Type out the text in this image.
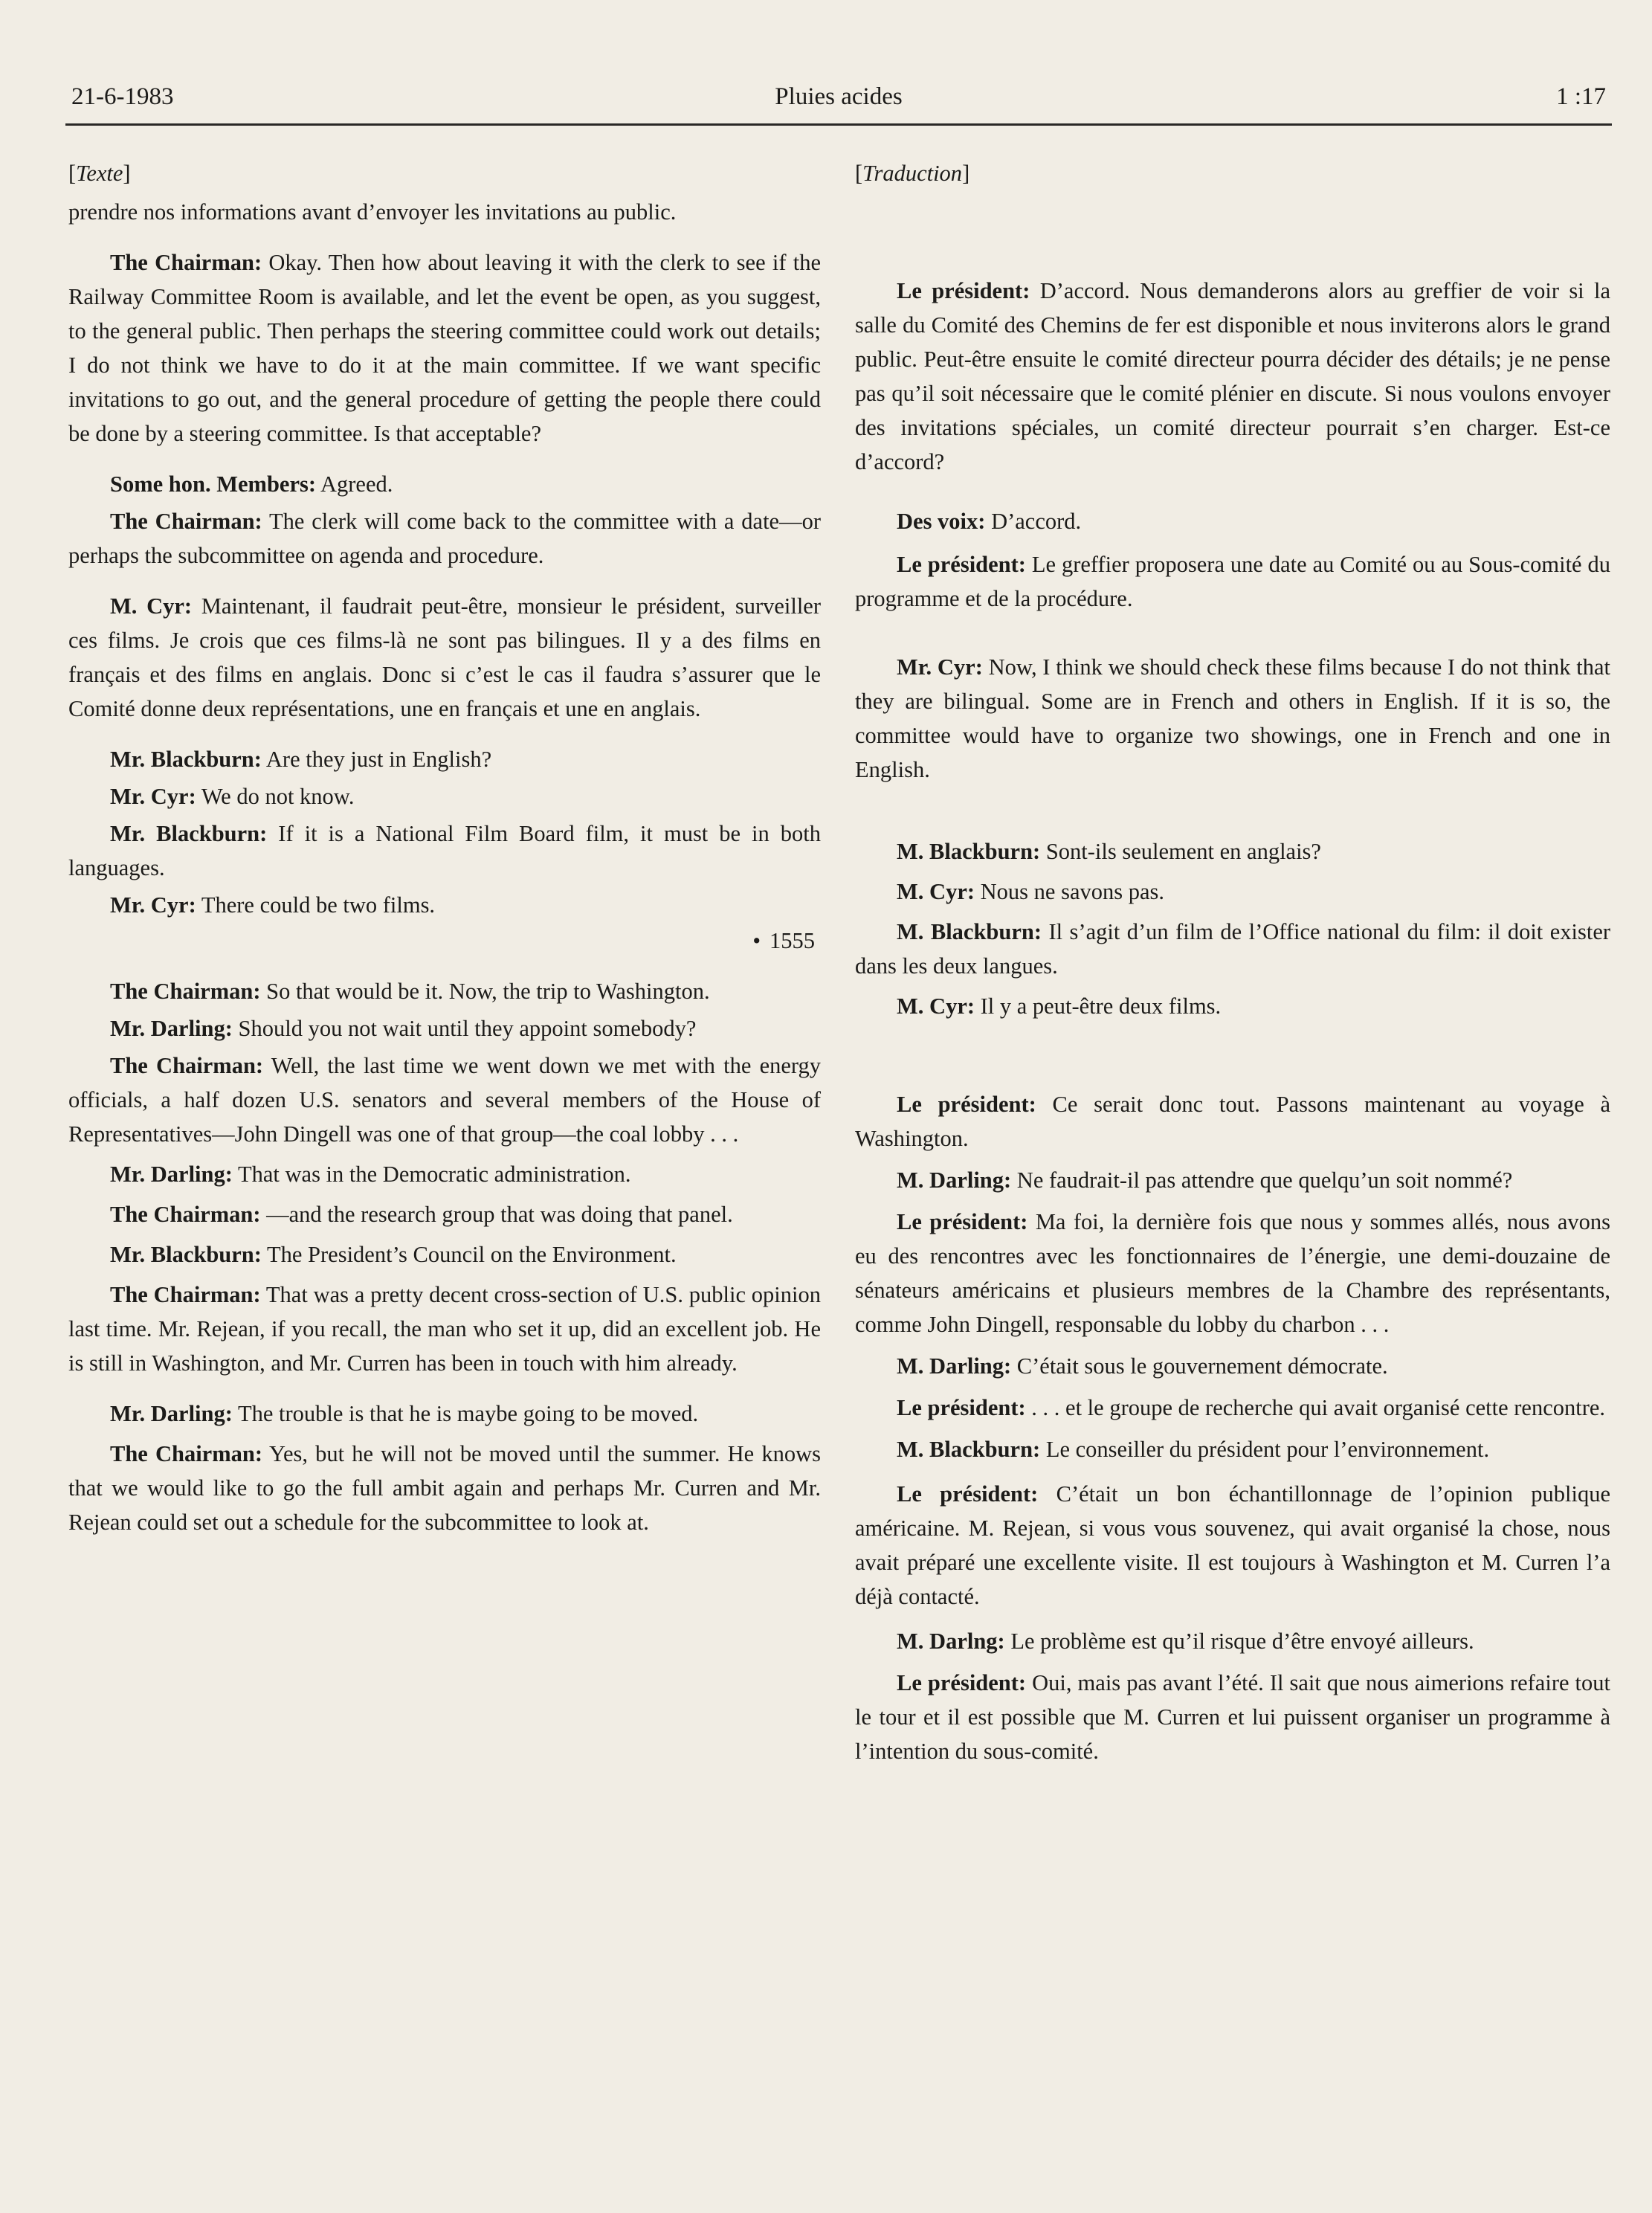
21-6-1983	Pluies acides	1 :17
[Texte]

prendre nos informations avant d’envoyer les invitations au public.

The Chairman: Okay. Then how about leaving it with the clerk to see if the Railway Committee Room is available, and let the event be open, as you suggest, to the general public. Then perhaps the steering committee could work out details; I do not think we have to do it at the main committee. If we want specific invitations to go out, and the general procedure of getting the people there could be done by a steering committee. Is that acceptable?

Some hon. Members: Agreed.

The Chairman: The clerk will come back to the committee with a date—or perhaps the subcommittee on agenda and procedure.

M. Cyr: Maintenant, il faudrait peut-être, monsieur le président, surveiller ces films. Je crois que ces films-là ne sont pas bilingues. Il y a des films en français et des films en anglais. Donc si c’est le cas il faudra s’assurer que le Comité donne deux représentations, une en français et une en anglais.

Mr. Blackburn: Are they just in English?

Mr. Cyr: We do not know.

Mr. Blackburn: If it is a National Film Board film, it must be in both languages.

Mr. Cyr: There could be two films.

• 1555

The Chairman: So that would be it. Now, the trip to Washington.

Mr. Darling: Should you not wait until they appoint somebody?

The Chairman: Well, the last time we went down we met with the energy officials, a half dozen U.S. senators and several members of the House of Representatives—John Dingell was one of that group—the coal lobby . . .

Mr. Darling: That was in the Democratic administration.

The Chairman: —and the research group that was doing that panel.

Mr. Blackburn: The President’s Council on the Environment.

The Chairman: That was a pretty decent cross-section of U.S. public opinion last time. Mr. Rejean, if you recall, the man who set it up, did an excellent job. He is still in Washington, and Mr. Curren has been in touch with him already.

Mr. Darling: The trouble is that he is maybe going to be moved.

The Chairman: Yes, but he will not be moved until the summer. He knows that we would like to go the full ambit again and perhaps Mr. Curren and Mr. Rejean could set out a schedule for the subcommittee to look at.

[Traduction]

Le président: D’accord. Nous demanderons alors au greffier de voir si la salle du Comité des Chemins de fer est disponible et nous inviterons alors le grand public. Peut-être ensuite le comité directeur pourra décider des détails; je ne pense pas qu’il soit nécessaire que le comité plénier en discute. Si nous voulons envoyer des invitations spéciales, un comité directeur pourrait s’en charger. Est-ce d’accord?

Des voix: D’accord.

Le président: Le greffier proposera une date au Comité ou au Sous-comité du programme et de la procédure.

Mr. Cyr: Now, I think we should check these films because I do not think that they are bilingual. Some are in French and others in English. If it is so, the committee would have to organize two showings, one in French and one in English.

M. Blackburn: Sont-ils seulement en anglais?

M. Cyr: Nous ne savons pas.

M. Blackburn: Il s’agit d’un film de l’Office national du film: il doit exister dans les deux langues.

M. Cyr: Il y a peut-être deux films.

Le président: Ce serait donc tout. Passons maintenant au voyage à Washington.

M. Darling: Ne faudrait-il pas attendre que quelqu’un soit nommé?

Le président: Ma foi, la dernière fois que nous y sommes allés, nous avons eu des rencontres avec les fonctionnaires de l’énergie, une demi-douzaine de sénateurs américains et plusieurs membres de la Chambre des représentants, comme John Dingell, responsable du lobby du charbon . . .

M. Darling: C’était sous le gouvernement démocrate.

Le président: . . . et le groupe de recherche qui avait organisé cette rencontre.

M. Blackburn: Le conseiller du président pour l’environnement.

Le président: C’était un bon échantillonnage de l’opinion publique américaine. M. Rejean, si vous vous souvenez, qui avait organisé la chose, nous avait préparé une excellente visite. Il est toujours à Washington et M. Curren l’a déjà contacté.

M. Darlng: Le problème est qu’il risque d’être envoyé ailleurs.

Le président: Oui, mais pas avant l’été. Il sait que nous aimerions refaire tout le tour et il est possible que M. Curren et lui puissent organiser un programme à l’intention du sous-comité.
